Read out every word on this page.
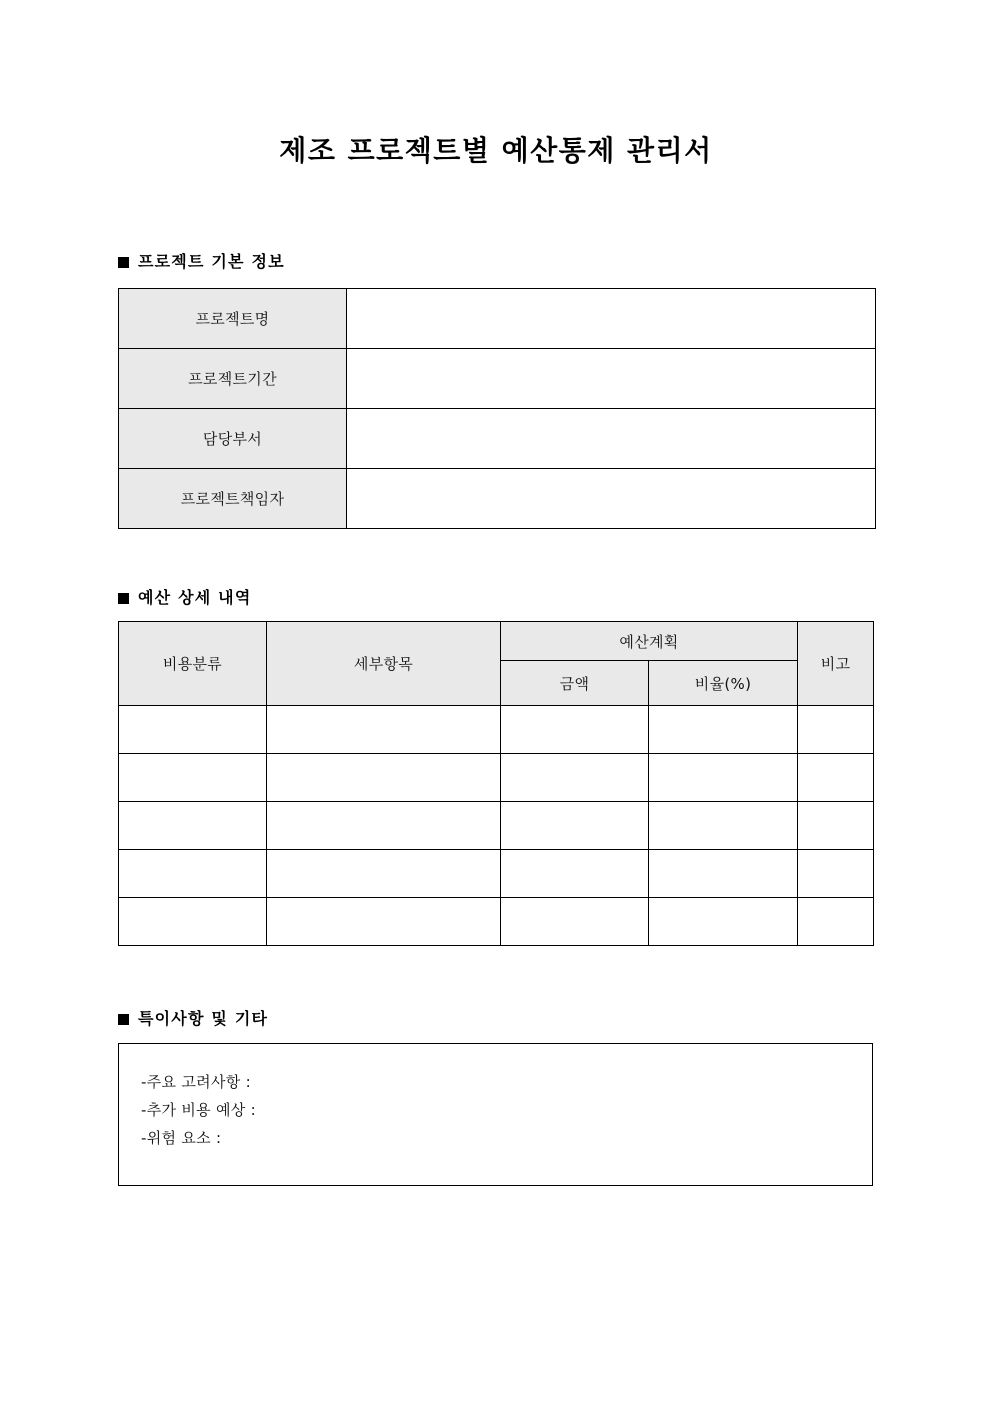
제조 프로젝트별 예산통제 관리서
프로젝트 기본 정보
프로젝트명	
프로젝트기간	
담당부서	
프로젝트책임자	
예산 상세 내역
비용분류	세부항목	예산계획		비고
		금액	비율(%)	

특이사항 및 기타
-주요 고려사항 :
-추가 비용 예상 :
-위험 요소 :
